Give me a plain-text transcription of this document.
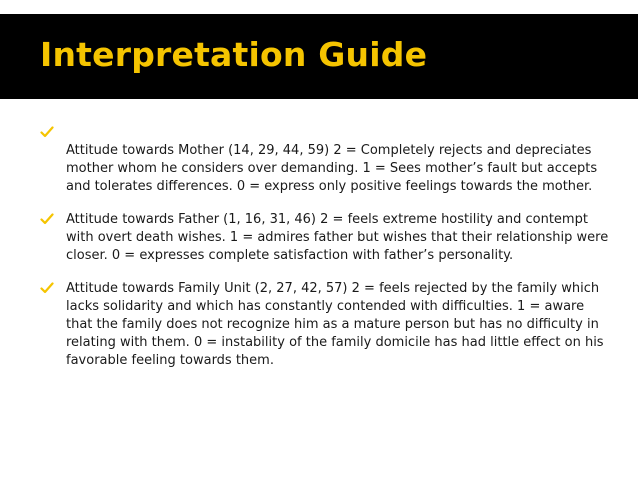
Interpretation Guide
Attitude towards Mother (14, 29, 44, 59) 2 = Completely rejects and depreciates mother whom he considers over demanding. 1 = Sees mother’s fault but accepts and tolerates differences. 0 = express only positive feelings towards the mother.
Attitude towards Father (1, 16, 31, 46) 2 = feels extreme hostility and contempt with overt death wishes. 1 = admires father but wishes that their relationship were closer. 0 = expresses complete satisfaction with father’s personality.
Attitude towards Family Unit (2, 27, 42, 57) 2 = feels rejected by the family which lacks solidarity and which has constantly contended with difficulties. 1 = aware that the family does not recognize him as a mature person but has no difficulty in relating with them. 0 = instability of the family domicile has had little effect on his favorable feeling towards them.
